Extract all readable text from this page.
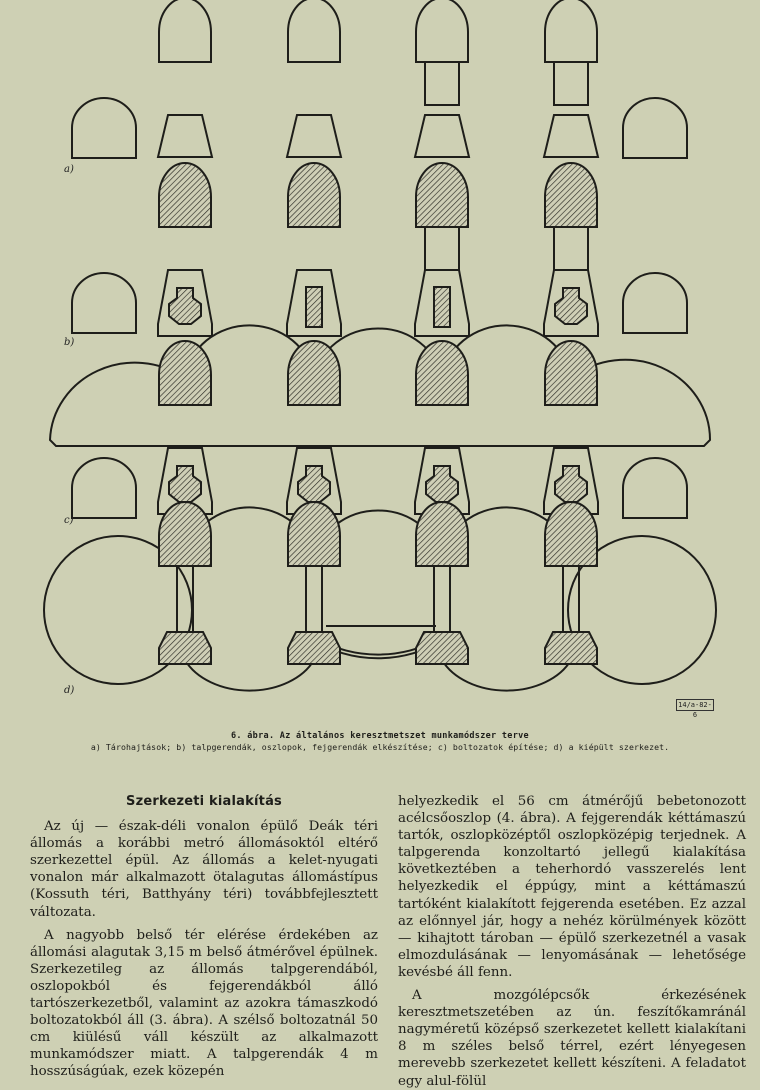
a)
b)
c)
d)
14/a-82-6
6. ábra. Az általános keresztmetszet munkamódszer terve
a) Tárohajtások; b) talpgerendák, oszlopok, fejgerendák elkészítése; c) boltozatok építése; d) a kiépült szerkezet.

Szerkezeti kialakítás

Az új — észak-déli vonalon épülő Deák téri állomás a korábbi metró állomásoktól eltérő szerkezettel épül. Az állomás a kelet-nyugati vonalon már alkalmazott ötalagutas állomástípus (Kossuth téri, Batthyány téri) továbbfejlesztett változata.

A nagyobb belső tér elérése érdekében az állomási alagutak 3,15 m belső átmérővel épülnek. Szerkezetileg az állomás talpgerendából, oszlopokból és fejgerendákból álló tartószerkezetből, valamint az azokra támaszkodó boltozatokból áll (3. ábra). A szélső boltozatnál 50 cm kiülésű váll készült az alkalmazott munkamódszer miatt. A talpgerendák 4 m hosszúságúak, ezek közepén

helyezkedik el 56 cm átmérőjű bebetonozott acélcsőoszlop (4. ábra). A fejgerendák kéttámaszú tartók, oszlopközéptől oszlopközépig terjednek. A talpgerenda konzoltartó jellegű kialakítása következtében a teherhordó vasszerelés lent helyezkedik el éppúgy, mint a kéttámaszú tartóként kialakított fejgerenda esetében. Ez azzal az előnnyel jár, hogy a nehéz körülmények között — kihajtott tároban — épülő szerkezetnél a vasak elmozdulásának — lenyomásának — lehetősége kevésbé áll fenn.

A mozgólépcsők érkezésének keresztmetszetében az ún. feszítőkamránál nagyméretű középső szerkezetet kellett kialakítani 8 m széles belső térrel, ezért lényegesen merevebb szerkezetet kellett készíteni. A feladatot egy alul-fölül
